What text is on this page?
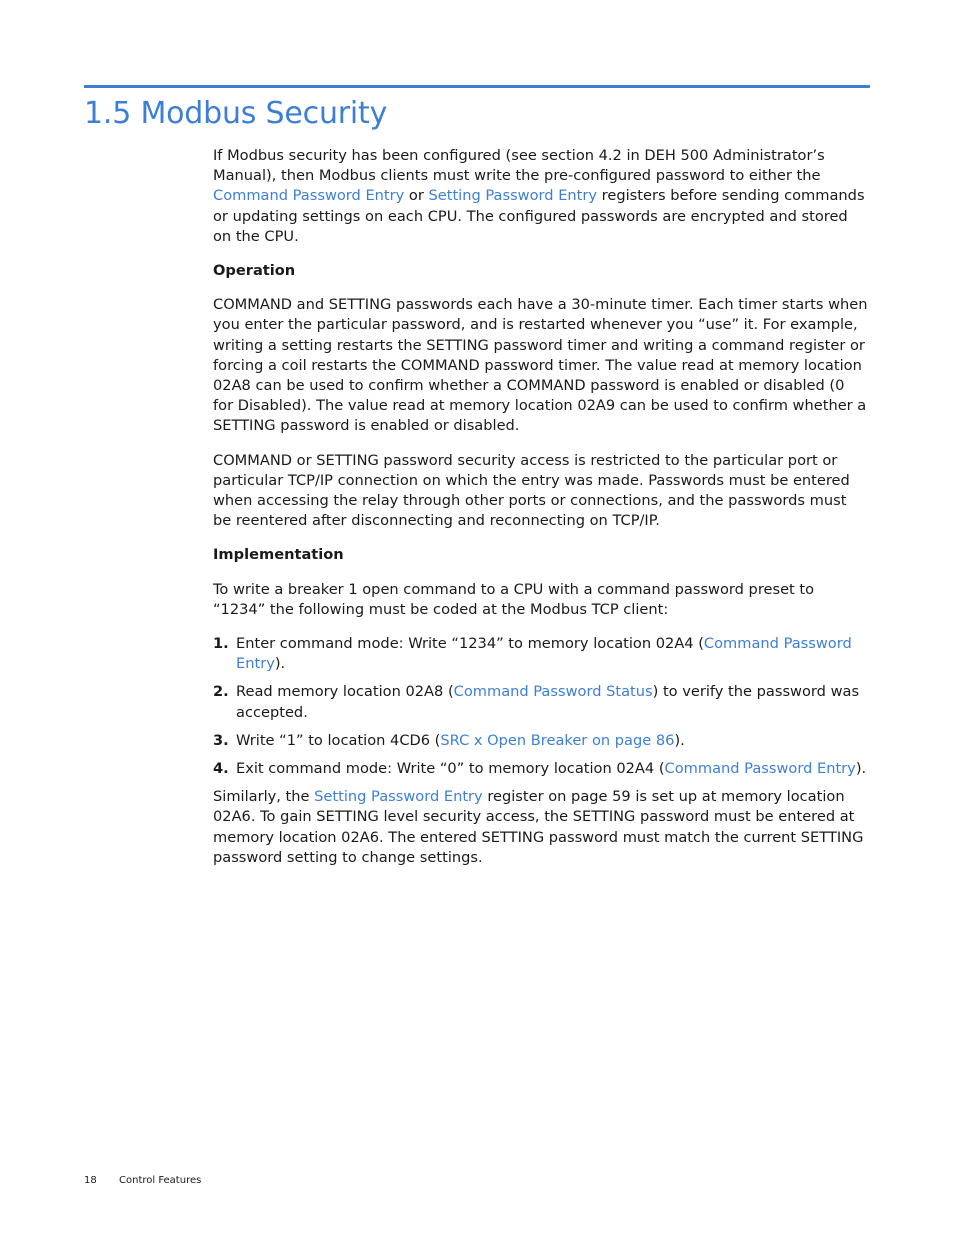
1.5 Modbus Security

If Modbus security has been configured (see section 4.2 in DEH 500 Administrator’s Manual), then Modbus clients must write the pre-configured password to either the Command Password Entry or Setting Password Entry registers before sending commands or updating settings on each CPU. The configured passwords are encrypted and stored on the CPU.

Operation

COMMAND and SETTING passwords each have a 30-minute timer. Each timer starts when you enter the particular password, and is restarted whenever you “use” it. For example, writing a setting restarts the SETTING password timer and writing a command register or forcing a coil restarts the COMMAND password timer. The value read at memory location 02A8 can be used to confirm whether a COMMAND password is enabled or disabled (0 for Disabled). The value read at memory location 02A9 can be used to confirm whether a SETTING password is enabled or disabled.

COMMAND or SETTING password security access is restricted to the particular port or particular TCP/IP connection on which the entry was made. Passwords must be entered when accessing the relay through other ports or connections, and the passwords must be reentered after disconnecting and reconnecting on TCP/IP.

Implementation

To write a breaker 1 open command to a CPU with a command password preset to “1234” the following must be coded at the Modbus TCP client:

1. Enter command mode: Write “1234” to memory location 02A4 (Command Password Entry).
2. Read memory location 02A8 (Command Password Status) to verify the password was accepted.
3. Write “1” to location 4CD6 (SRC x Open Breaker on page 86).
4. Exit command mode: Write “0” to memory location 02A4 (Command Password Entry).

Similarly, the Setting Password Entry register on page 59 is set up at memory location 02A6. To gain SETTING level security access, the SETTING password must be entered at memory location 02A6. The entered SETTING password must match the current SETTING password setting to change settings.

18 Control Features
